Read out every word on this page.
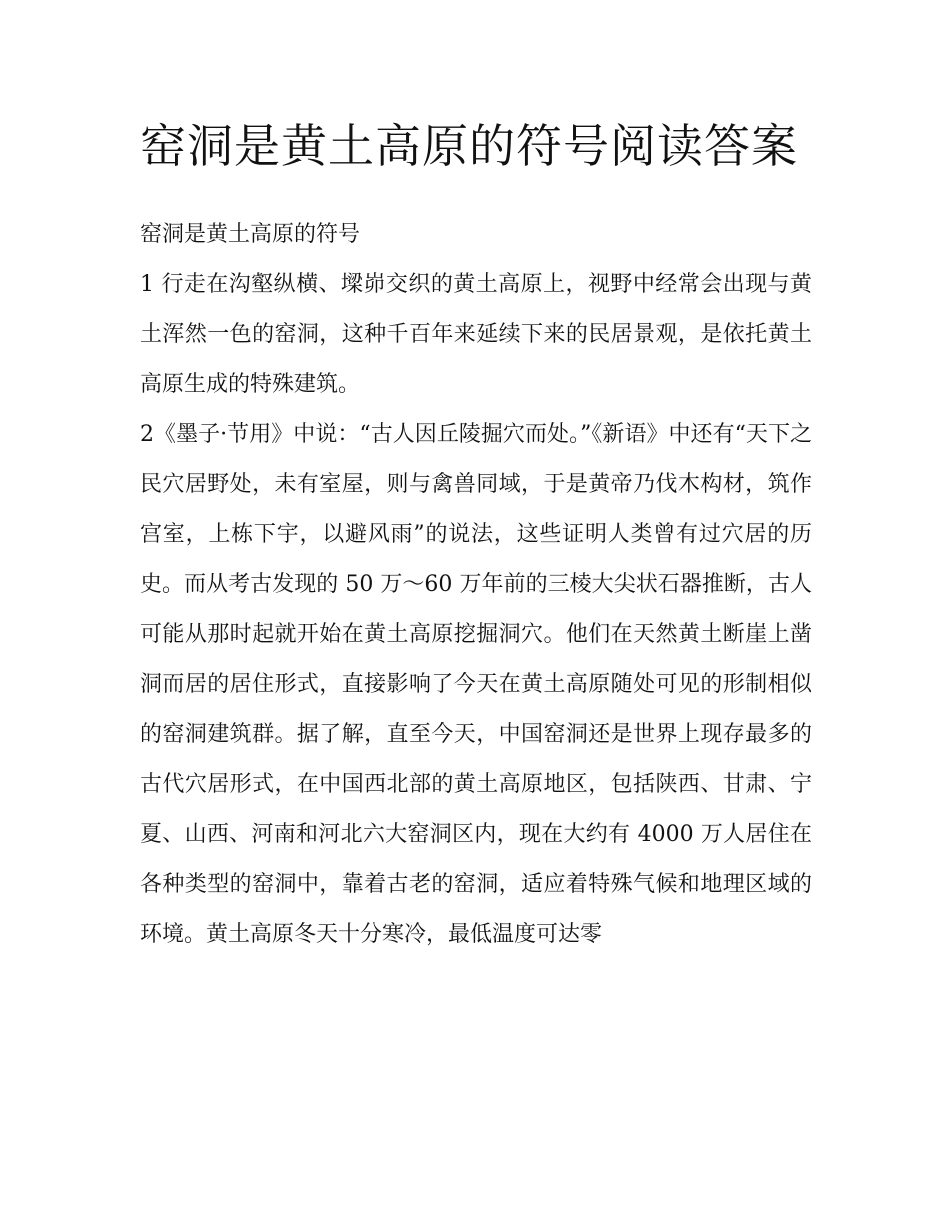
窑洞是黄土高原的符号阅读答案
窑洞是黄土高原的符号

1 行走在沟壑纵横、墚峁交织的黄土高原上，视野中经常会出现与黄土浑然一色的窑洞，这种千百年来延续下来的民居景观，是依托黄土高原生成的特殊建筑。

2《墨子·节用》中说：“古人因丘陵掘穴而处。”《新语》中还有“天下之民穴居野处，未有室屋，则与禽兽同域，于是黄帝乃伐木构材，筑作宫室，上栋下宇，以避风雨”的说法，这些证明人类曾有过穴居的历史。而从考古发现的 50 万～60 万年前的三棱大尖状石器推断，古人可能从那时起就开始在黄土高原挖掘洞穴。他们在天然黄土断崖上凿洞而居的居住形式，直接影响了今天在黄土高原随处可见的形制相似的窑洞建筑群。据了解，直至今天，中国窑洞还是世界上现存最多的古代穴居形式，在中国西北部的黄土高原地区，包括陕西、甘肃、宁夏、山西、河南和河北六大窑洞区内，现在大约有 4000 万人居住在各种类型的窑洞中，靠着古老的窑洞，适应着特殊气候和地理区域的环境。黄土高原冬天十分寒冷，最低温度可达零
